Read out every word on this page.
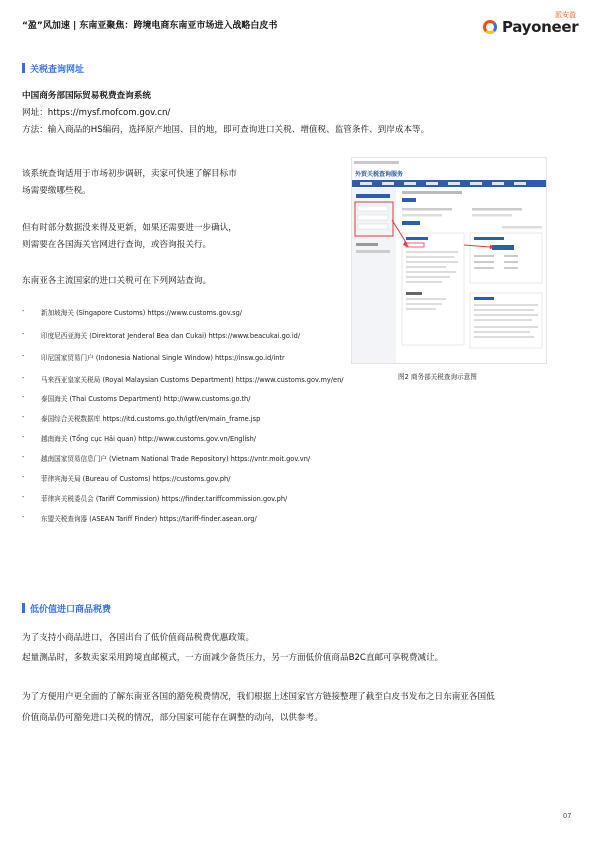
“盈”风加速 | 东南亚聚焦：跨境电商东南亚市场进入战略白皮书	Payoneer
派安盈
关税查询网址
中国商务部国际贸易税费查询系统
网址：https://mysf.mofcom.gov.cn/
方法：输入商品的HS编码，选择原产地国、目的地，即可查询进口关税、增值税、监管条件、到岸成本等。
该系统查询适用于市场初步调研，卖家可快速了解目标市
场需要缴哪些税。
但有时部分数据没来得及更新，如果还需要进一步确认，
则需要在各国海关官网进行查询，或咨询报关行。
东南亚各主流国家的进口关税可在下列网站查询。
-	新加坡海关 (Singapore Customs) https://www.customs.gov.sg/
-	印度尼西亚海关 (Direktorat Jenderal Bea dan Cukai) https://www.beacukai.go.id/
-	印尼国家贸易门户 (Indonesia National Single Window) https://insw.go.id/intr
-	马来西亚皇家关税局 (Royal Malaysian Customs Department) https://www.customs.gov.my/en/
-	泰国海关 (Thai Customs Department) http://www.customs.go.th/
-	泰国综合关税数据库 https://itd.customs.go.th/igtf/en/main_frame.jsp
-	越南海关 (Tổng cục Hải quan) http://www.customs.gov.vn/English/
-	越南国家贸易信息门户 (Vietnam National Trade Repository) https://vntr.moit.gov.vn/
-	菲律宾海关局 (Bureau of Customs) https://customs.gov.ph/
-	菲律宾关税委员会 (Tariff Commission) https://finder.tariffcommission.gov.ph/
-	东盟关税查询器 (ASEAN Tariff Finder) https://tariff-finder.asean.org/
外贸关税查询服务
图2 商务部关税查询示意图
低价值进口商品税费
为了支持小商品进口，各国出台了低价值商品税费优惠政策。
起量测品时，多数卖家采用跨境直邮模式，一方面减少备货压力，另一方面低价值商品B2C直邮可享税费减让。
为了方便用户更全面的了解东南亚各国的豁免税费情况，我们根据上述国家官方链接整理了截至白皮书发布之日东南亚各国低
价值商品仍可豁免进口关税的情况，部分国家可能存在调整的动向，以供参考。
07
